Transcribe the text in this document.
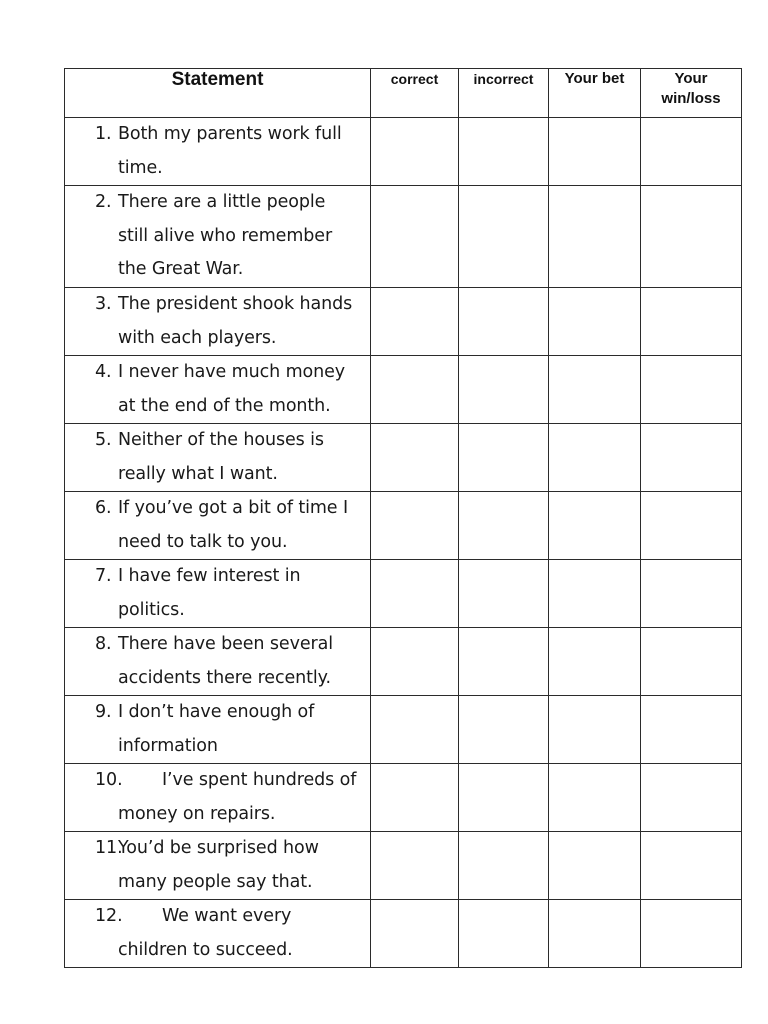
Statement	correct	incorrect	Your bet	Your
win/loss
1. Both my parents work full
time.				

2. There are a little people
still alive who remember
the Great War.				

3. The president shook hands
with each players.				

4. I never have much money
at the end of the month.				

5. Neither of the houses is
really what I want.				

6. If you’ve got a bit of time I
need to talk to you.				

7. I have few interest in
politics.				

8. There have been several
accidents there recently.				

9. I don’t have enough of
information				

10. I’ve spent hundreds of
money on repairs.				

11.You’d be surprised how
many people say that.				

12. We want every
children to succeed.				
